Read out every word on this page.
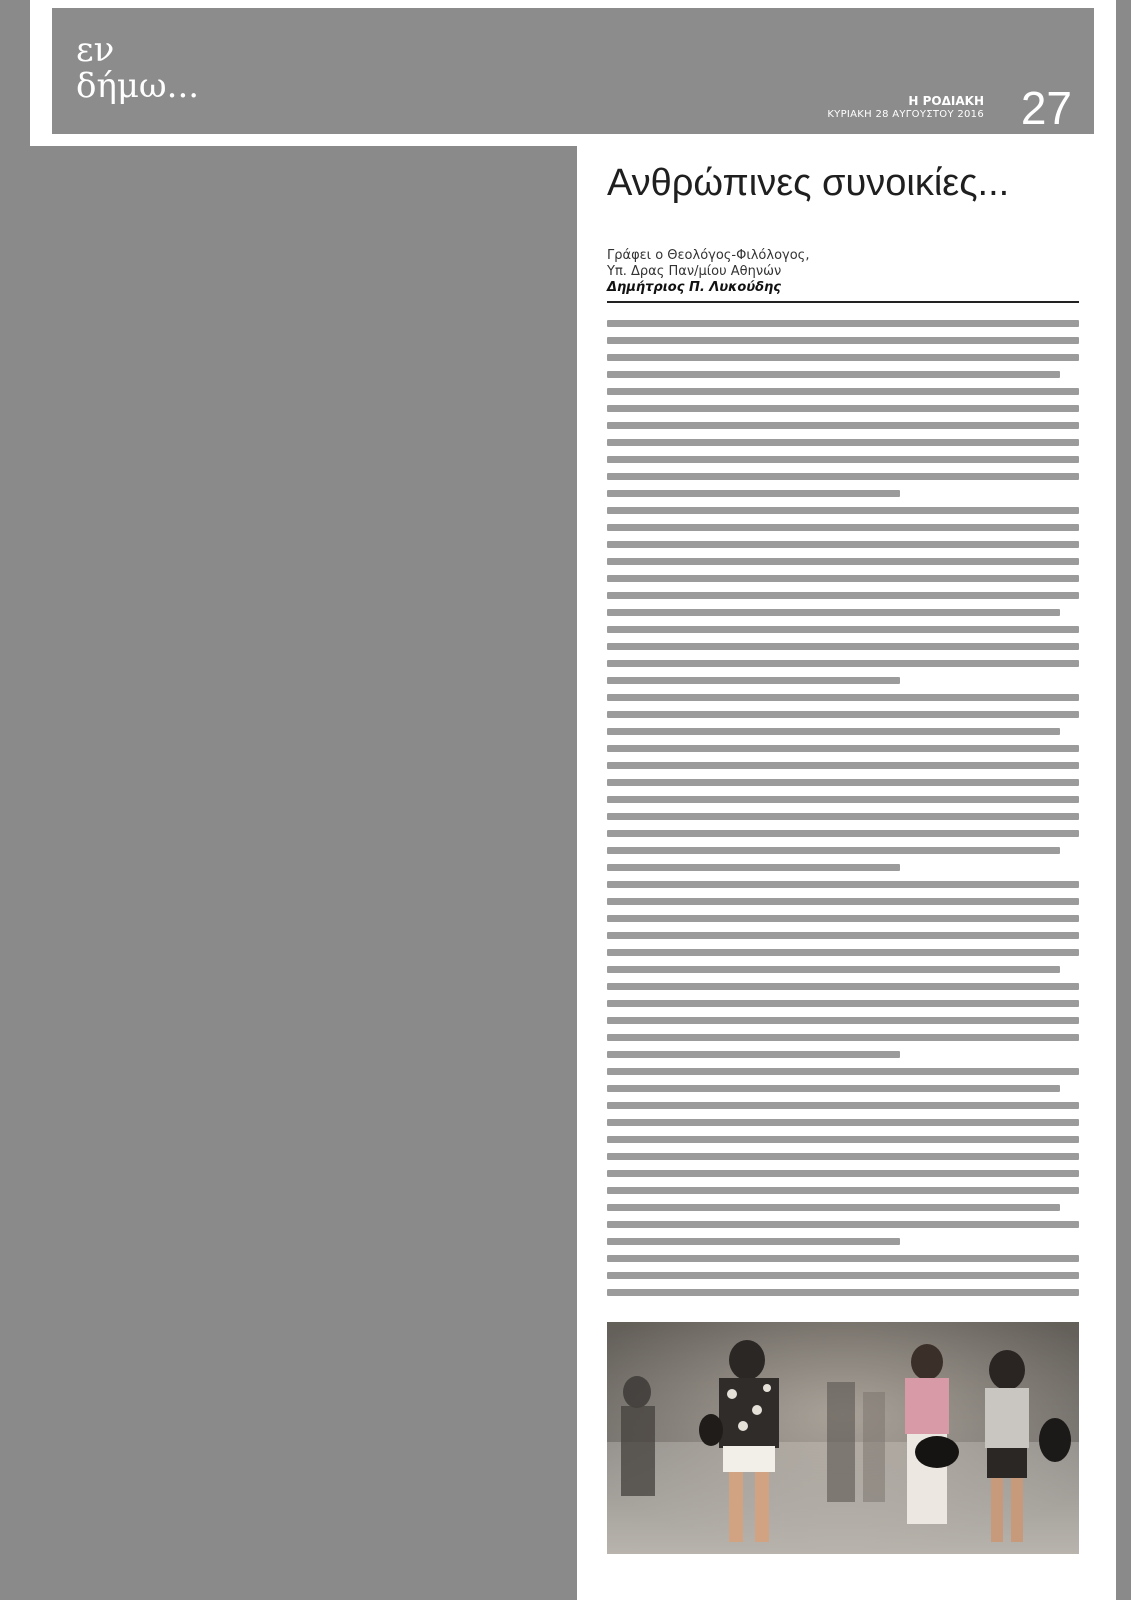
εν
δήμω...	Η ΡΟΔΙΑΚΗ
ΚΥΡΙΑΚΗ 28 ΑΥΓΟΥΣΤΟΥ 2016 27
Ανθρώπινες συνοικίες...
Γράφει ο Θεολόγος-Φιλόλογος,
Υπ. Δρας Παν/μίου Αθηνών
Δημήτριος Π. Λυκούδης
